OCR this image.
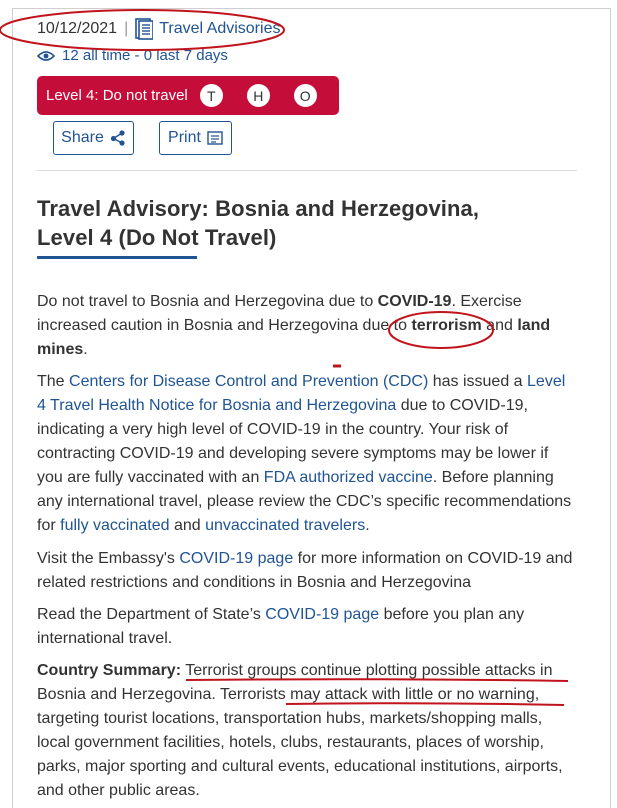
10/12/2021 | Travel Advisories
12 all time - 0 last 7 days
Level 4: Do not travel	T	H	O
Share	Print
Travel Advisory: Bosnia and Herzegovina,
Level 4 (Do Not Travel)

Do not travel to Bosnia and Herzegovina due to COVID-19. Exercise increased caution in Bosnia and Herzegovina due to terrorism and land mines.

The Centers for Disease Control and Prevention (CDC) has issued a Level 4 Travel Health Notice for Bosnia and Herzegovina due to COVID-19, indicating a very high level of COVID-19 in the country. Your risk of contracting COVID-19 and developing severe symptoms may be lower if you are fully vaccinated with an FDA authorized vaccine. Before planning any international travel, please review the CDC’s specific recommendations for fully vaccinated and unvaccinated travelers.

Visit the Embassy's COVID-19 page for more information on COVID-19 and related restrictions and conditions in Bosnia and Herzegovina

Read the Department of State’s COVID-19 page before you plan any international travel.

Country Summary: Terrorist groups continue plotting possible attacks in Bosnia and Herzegovina. Terrorists may attack with little or no warning, targeting tourist locations, transportation hubs, markets/shopping malls, local government facilities, hotels, clubs, restaurants, places of worship, parks, major sporting and cultural events, educational institutions, airports, and other public areas.
